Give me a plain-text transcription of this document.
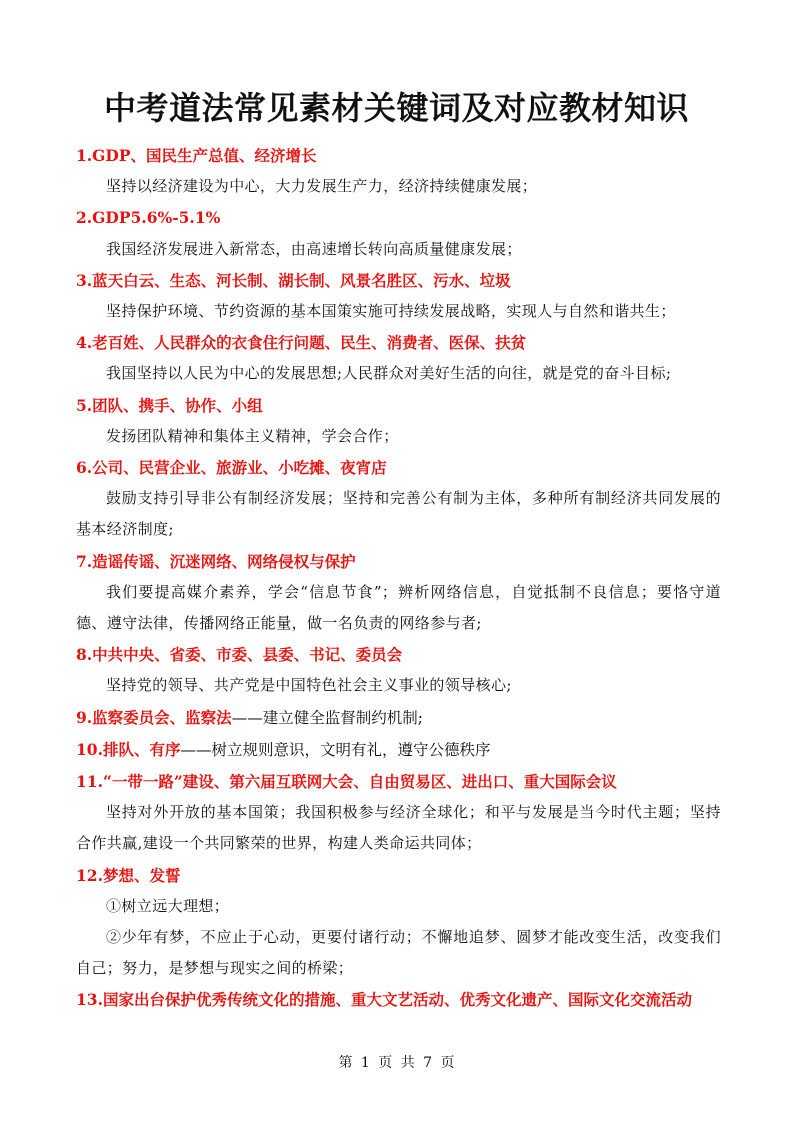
中考道法常见素材关键词及对应教材知识
1.GDP、国民生产总值、经济增长
坚持以经济建设为中心，大力发展生产力，经济持续健康发展；
2.GDP5.6%-5.1%
我国经济发展进入新常态，由高速增长转向高质量健康发展；
3.蓝天白云、生态、河长制、湖长制、风景名胜区、污水、垃圾
坚持保护环境、节约资源的基本国策实施可持续发展战略，实现人与自然和谐共生；
4.老百姓、人民群众的衣食住行问题、民生、消费者、医保、扶贫
我国坚持以人民为中心的发展思想;人民群众对美好生活的向往，就是党的奋斗目标;
5.团队、携手、协作、小组
发扬团队精神和集体主义精神，学会合作；
6.公司、民营企业、旅游业、小吃摊、夜宵店
鼓励支持引导非公有制经济发展；坚持和完善公有制为主体，多种所有制经济共同发展的基本经济制度;
7.造谣传谣、沉迷网络、网络侵权与保护
我们要提高媒介素养，学会“信息节食”；辨析网络信息，自觉抵制不良信息；要恪守道德、遵守法律，传播网络正能量，做一名负责的网络参与者;
8.中共中央、省委、市委、县委、书记、委员会
坚持党的领导、共产党是中国特色社会主义事业的领导核心;
9.监察委员会、监察法——建立健全监督制约机制;
10.排队、有序——树立规则意识，文明有礼，遵守公德秩序
11.“一带一路”建设、第六届互联网大会、自由贸易区、进出口、重大国际会议
坚持对外开放的基本国策；我国积极参与经济全球化；和平与发展是当今时代主题；坚持合作共赢,建设一个共同繁荣的世界，构建人类命运共同体；
12.梦想、发誓
①树立远大理想；
②少年有梦，不应止于心动，更要付诸行动；不懈地追梦、圆梦才能改变生活，改变我们自己；努力，是梦想与现实之间的桥梁；
13.国家出台保护优秀传统文化的措施、重大文艺活动、优秀文化遗产、国际文化交流活动
第 1 页 共 7 页
